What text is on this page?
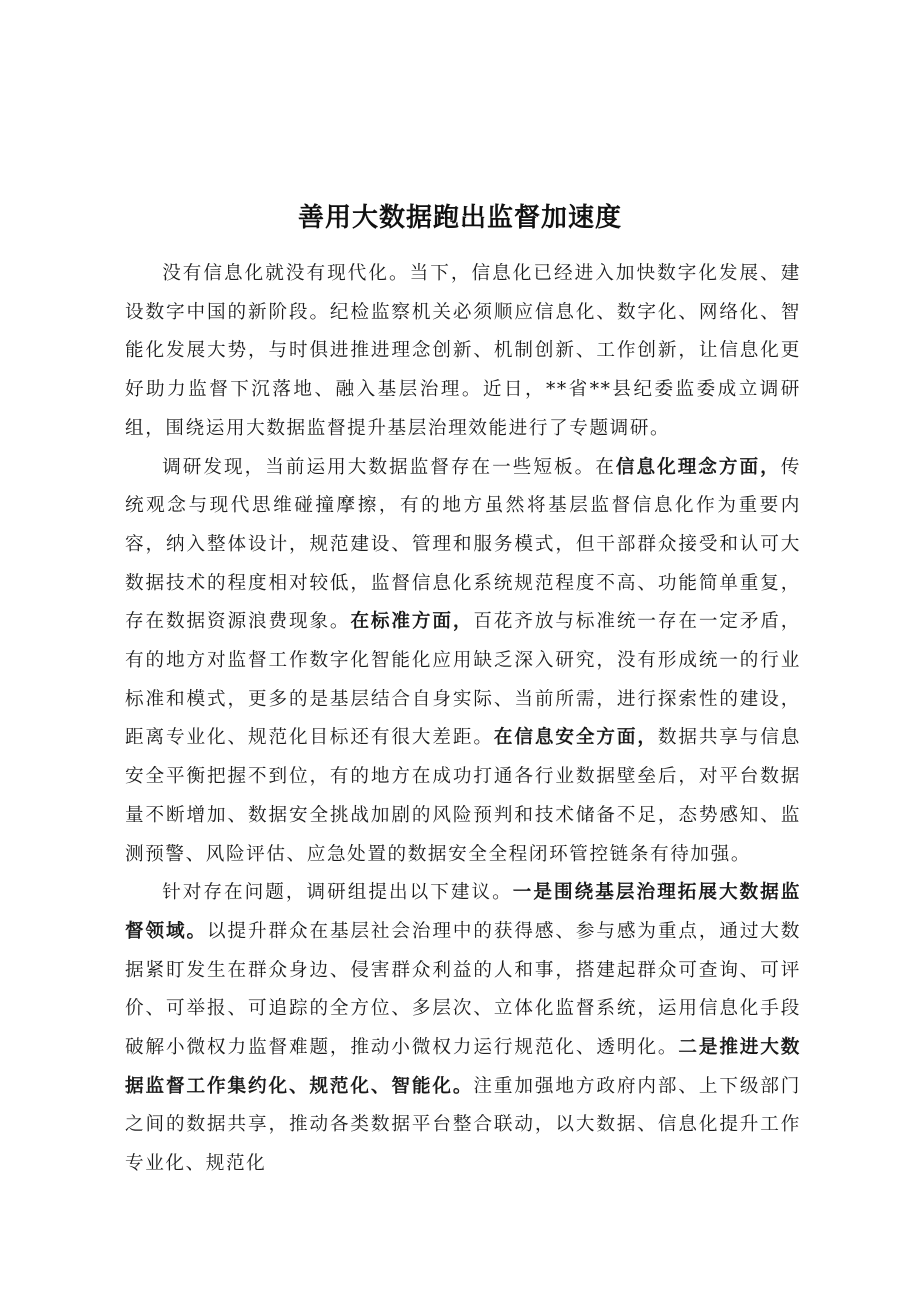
善用大数据跑出监督加速度

没有信息化就没有现代化。当下，信息化已经进入加快数字化发展、建设数字中国的新阶段。纪检监察机关必须顺应信息化、数字化、网络化、智能化发展大势，与时俱进推进理念创新、机制创新、工作创新，让信息化更好助力监督下沉落地、融入基层治理。近日，**省**县纪委监委成立调研组，围绕运用大数据监督提升基层治理效能进行了专题调研。

调研发现，当前运用大数据监督存在一些短板。在信息化理念方面，传统观念与现代思维碰撞摩擦，有的地方虽然将基层监督信息化作为重要内容，纳入整体设计，规范建设、管理和服务模式，但干部群众接受和认可大数据技术的程度相对较低，监督信息化系统规范程度不高、功能简单重复，存在数据资源浪费现象。在标准方面，百花齐放与标准统一存在一定矛盾，有的地方对监督工作数字化智能化应用缺乏深入研究，没有形成统一的行业标准和模式，更多的是基层结合自身实际、当前所需，进行探索性的建设，距离专业化、规范化目标还有很大差距。在信息安全方面，数据共享与信息安全平衡把握不到位，有的地方在成功打通各行业数据壁垒后，对平台数据量不断增加、数据安全挑战加剧的风险预判和技术储备不足，态势感知、监测预警、风险评估、应急处置的数据安全全程闭环管控链条有待加强。

针对存在问题，调研组提出以下建议。一是围绕基层治理拓展大数据监督领域。以提升群众在基层社会治理中的获得感、参与感为重点，通过大数据紧盯发生在群众身边、侵害群众利益的人和事，搭建起群众可查询、可评价、可举报、可追踪的全方位、多层次、立体化监督系统，运用信息化手段破解小微权力监督难题，推动小微权力运行规范化、透明化。二是推进大数据监督工作集约化、规范化、智能化。注重加强地方政府内部、上下级部门之间的数据共享，推动各类数据平台整合联动，以大数据、信息化提升工作专业化、规范化
